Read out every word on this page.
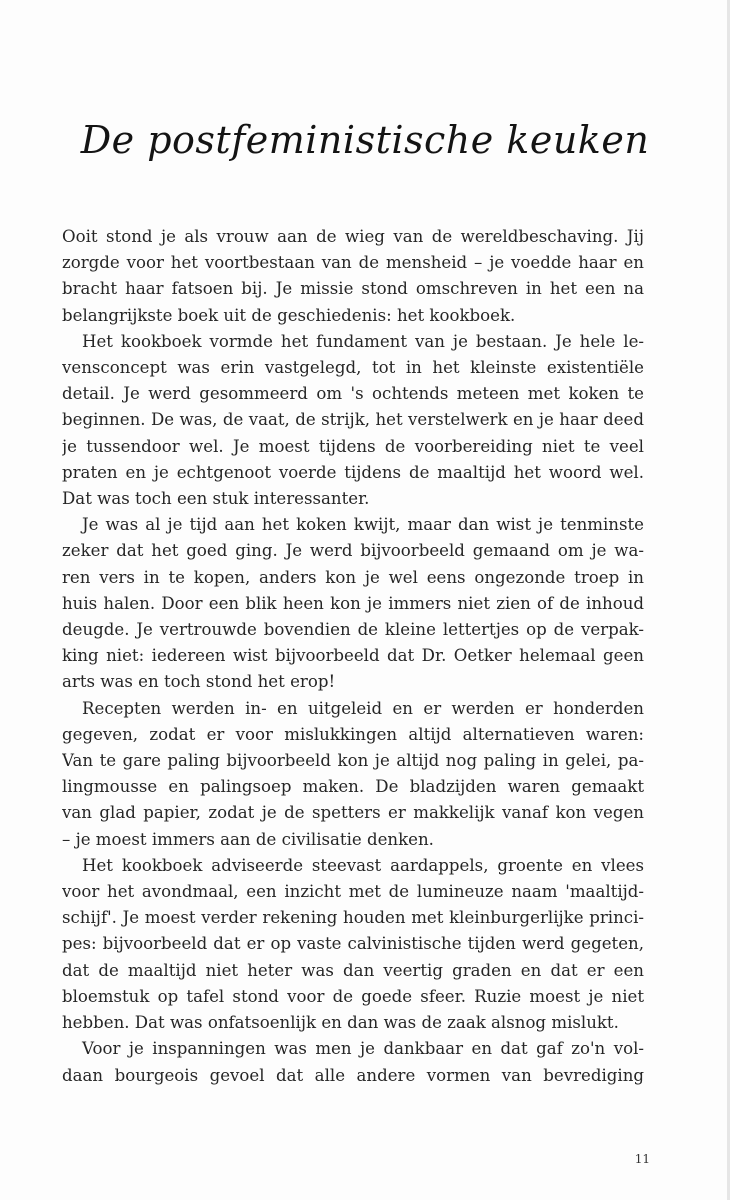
De postfeministische keuken

Ooit stond je als vrouw aan de wieg van de wereldbeschaving. Jij
zorgde voor het voortbestaan van de mensheid – je voedde haar en
bracht haar fatsoen bij. Je missie stond omschreven in het een na
belangrijkste boek uit de geschiedenis: het kookboek.

Het kookboek vormde het fundament van je bestaan. Je hele le-
vensconcept was erin vastgelegd, tot in het kleinste existentiële
detail. Je werd gesommeerd om 's ochtends meteen met koken te
beginnen. De was, de vaat, de strijk, het verstelwerk en je haar deed
je tussendoor wel. Je moest tijdens de voorbereiding niet te veel
praten en je echtgenoot voerde tijdens de maaltijd het woord wel.
Dat was toch een stuk interessanter.

Je was al je tijd aan het koken kwijt, maar dan wist je tenminste
zeker dat het goed ging. Je werd bijvoorbeeld gemaand om je wa-
ren vers in te kopen, anders kon je wel eens ongezonde troep in
huis halen. Door een blik heen kon je immers niet zien of de inhoud
deugde. Je vertrouwde bovendien de kleine lettertjes op de verpak-
king niet: iedereen wist bijvoorbeeld dat Dr. Oetker helemaal geen
arts was en toch stond het erop!

Recepten werden in- en uitgeleid en er werden er honderden
gegeven, zodat er voor mislukkingen altijd alternatieven waren:
Van te gare paling bijvoorbeeld kon je altijd nog paling in gelei, pa-
lingmousse en palingsoep maken. De bladzijden waren gemaakt
van glad papier, zodat je de spetters er makkelijk vanaf kon vegen
– je moest immers aan de civilisatie denken.

Het kookboek adviseerde steevast aardappels, groente en vlees
voor het avondmaal, een inzicht met de lumineuze naam 'maaltijd-
schijf'. Je moest verder rekening houden met kleinburgerlijke princi-
pes: bijvoorbeeld dat er op vaste calvinistische tijden werd gegeten,
dat de maaltijd niet heter was dan veertig graden en dat er een
bloemstuk op tafel stond voor de goede sfeer. Ruzie moest je niet
hebben. Dat was onfatsoenlijk en dan was de zaak alsnog mislukt.

Voor je inspanningen was men je dankbaar en dat gaf zo'n vol-
daan bourgeois gevoel dat alle andere vormen van bevrediging

11
